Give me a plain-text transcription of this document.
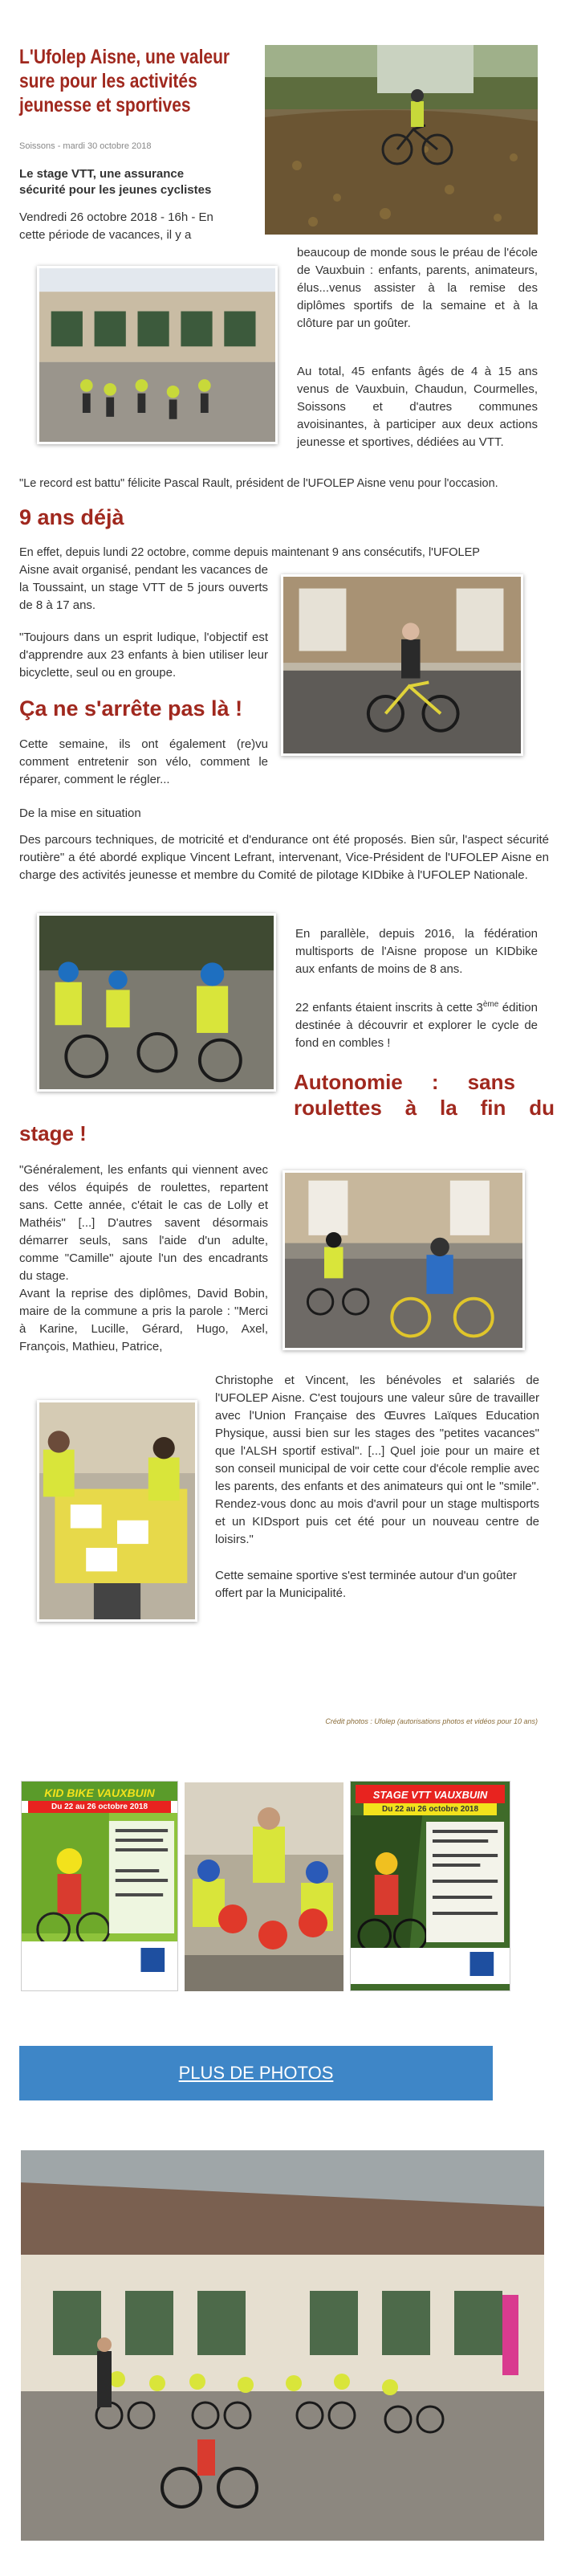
L'Ufolep Aisne, une valeur
sure pour les activités
jeunesse et sportives
Soissons - mardi 30 octobre 2018
Le stage VTT, une assurance
sécurité pour les jeunes cyclistes
Vendredi 26 octobre 2018 - 16h - En
cette période de vacances, il y a
beaucoup de monde sous le préau de l'école de Vauxbuin : enfants, parents, animateurs, élus...venus assister à la remise des diplômes sportifs de la semaine et à la clôture par un goûter.
Au total, 45 enfants âgés de 4 à 15 ans venus de Vauxbuin, Chaudun, Courmelles, Soissons et d'autres communes avoisinantes, à participer aux deux actions jeunesse et sportives, dédiées au VTT.
"Le record est battu" félicite Pascal Rault, président de l'UFOLEP Aisne venu pour l'occasion.
9 ans déjà
En effet, depuis lundi 22 octobre, comme depuis maintenant 9 ans consécutifs, l'UFOLEP
Aisne avait organisé, pendant les vacances de la Toussaint, un stage VTT de 5 jours ouverts de 8 à 17 ans.
"Toujours dans un esprit ludique, l'objectif est d'apprendre aux 23 enfants à bien utiliser leur bicyclette, seul ou en groupe.
Ça ne s'arrête pas là !
Cette semaine, ils ont également (re)vu comment entretenir son vélo, comment le réparer, comment le régler...
De la mise en situation
Des parcours techniques, de motricité et d'endurance ont été proposés. Bien sûr, l'aspect sécurité routière" a été abordé explique Vincent Lefrant, intervenant, Vice-Président de l'UFOLEP Aisne en charge des activités jeunesse et membre du Comité de pilotage KIDbike à l'UFOLEP Nationale.
En parallèle, depuis 2016, la fédération multisports de l'Aisne propose un KIDbike aux enfants de moins de 8 ans.
22 enfants étaient inscrits à cette 3ème édition destinée à découvrir et explorer le cycle de fond en combles !
Autonomie     :     sans
roulettes    à    la    fin    du
stage !
"Généralement, les enfants qui viennent avec des vélos équipés de roulettes, repartent sans. Cette année, c'était le cas de Lolly et Mathéis" [...] D'autres savent désormais démarrer seuls, sans l'aide d'un adulte, comme "Camille" ajoute l'un des encadrants du stage.
Avant la reprise des diplômes, David Bobin, maire de la commune a pris la parole : "Merci à Karine, Lucille, Gérard, Hugo, Axel, François, Mathieu, Patrice,
Christophe et Vincent, les bénévoles et salariés de l'UFOLEP Aisne. C'est toujours une valeur sûre de travailler avec l'Union Française des Œuvres Laïques Education Physique, aussi bien sur les stages des "petites vacances" que l'ALSH sportif estival". [...] Quel joie pour un maire et son conseil municipal de voir cette cour d'école remplie avec les parents, des enfants et des animateurs qui ont le "smile". Rendez-vous donc au mois d'avril pour un stage multisports et un KIDsport puis cet été pour un nouveau centre de loisirs."
Cette semaine sportive s'est terminée autour d'un goûter offert par la Municipalité.
Crédit photos : Ufolep (autorisations photos et vidéos pour 10 ans)
KID BIKE VAUXBUIN
Du 22 au 26 octobre 2018
STAGE VTT VAUXBUIN
Du 22 au 26 octobre 2018
PLUS DE PHOTOS
